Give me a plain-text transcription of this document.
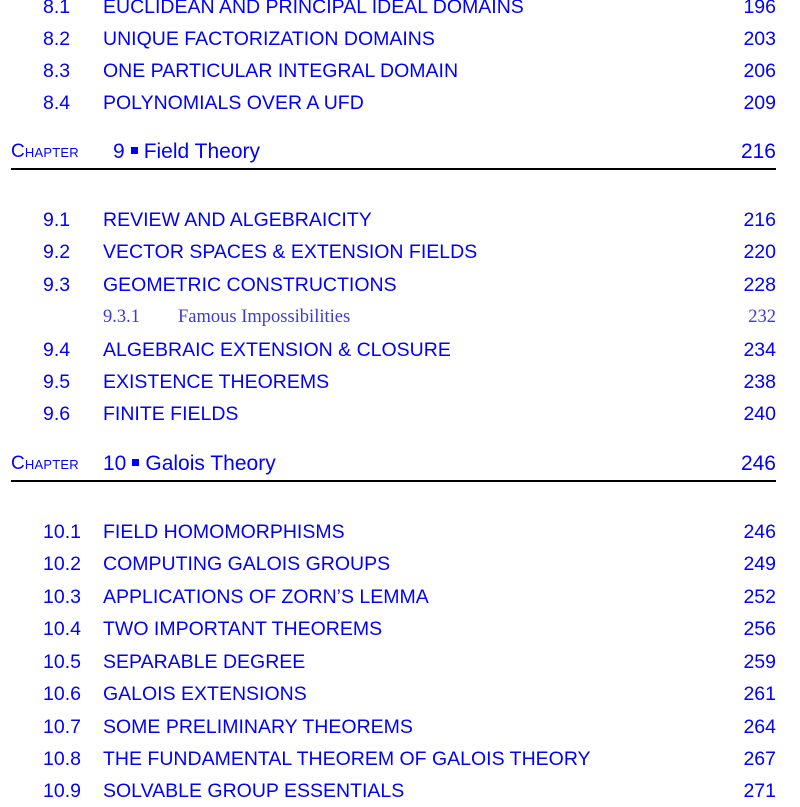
8.1 EUCLIDEAN AND PRINCIPAL IDEAL DOMAINS	196
8.2 UNIQUE FACTORIZATION DOMAINS	203
8.3 ONE PARTICULAR INTEGRAL DOMAIN	206
8.4 POLYNOMIALS OVER A UFD	209
Chapter 9 Field Theory	216
9.1 REVIEW AND ALGEBRAICITY	216
9.2 VECTOR SPACES & EXTENSION FIELDS	220
9.3 GEOMETRIC CONSTRUCTIONS	228
9.3.1 Famous Impossibilities	232
9.4 ALGEBRAIC EXTENSION & CLOSURE	234
9.5 EXISTENCE THEOREMS	238
9.6 FINITE FIELDS	240
Chapter 10 Galois Theory	246
10.1 FIELD HOMOMORPHISMS	246
10.2 COMPUTING GALOIS GROUPS	249
10.3 APPLICATIONS OF ZORN’S LEMMA	252
10.4 TWO IMPORTANT THEOREMS	256
10.5 SEPARABLE DEGREE	259
10.6 GALOIS EXTENSIONS	261
10.7 SOME PRELIMINARY THEOREMS	264
10.8 THE FUNDAMENTAL THEOREM OF GALOIS THEORY	267
10.9 SOLVABLE GROUP ESSENTIALS	271
